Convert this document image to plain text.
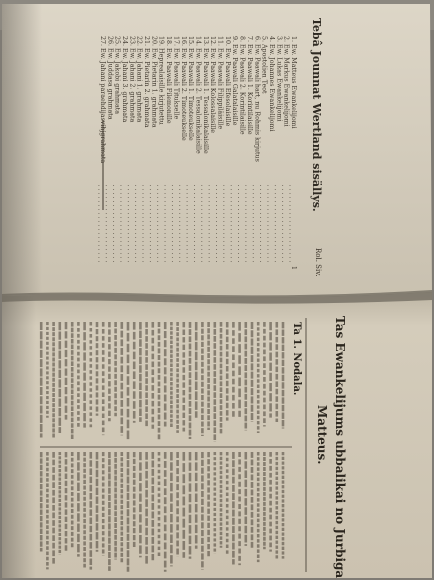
Tebâ Jounnat Wertland sisällys.
Rol. Siv.
1. Ew. Matteus Ewankelijomi
1
2. Ew. Markus Ewankelijomi
3. Ew. Lukas Ewankelijomi
4. Ew. Johannes Ewankelijomi
5. Apostolien Teot
6. Ew. Paawali hart, nu Rohmis kirjutus
7. Ew. Paawali 1. Korintilaisille
8. Ew. Paawali 2. Korintilaisille
9. Ew. Paawali Galatalaisille
10. Ew. Paawali Efesolaisille
11. Ew. Paawali Filippiläisille
12. Ew. Paawali Kolossalaisille
13. Ew. Paawali 1. Tessalonikalaisille
14. Ew. Paawali 2. Tessalonikalaisille
15. Ew. Paawali 1. Timoteukselle
16. Ew. Paawali 2. Timoteukselle
17. Ew. Paawali Titukselle
18. Ew. Paawali Filemonille
19. Heprealaisille kirjutettu
20. Ew. Pietarin 1. grahmata
21. Ew. Pietarin 2. grahmata
22. Ew. Jahani 1. grahmata
23. Ew. Jahani 2. grahmata
24. Ew. Jahani 3. grahmata
25. Ew. Jakobi grahmata
26. Ew. Juddasa grahmata
27. Ew. Jahani paraehdijasvihjgrahmata
Tas Ewankelijums ubbalikai no Jurbiga
Matteus.
Ta 1. Nodala.
